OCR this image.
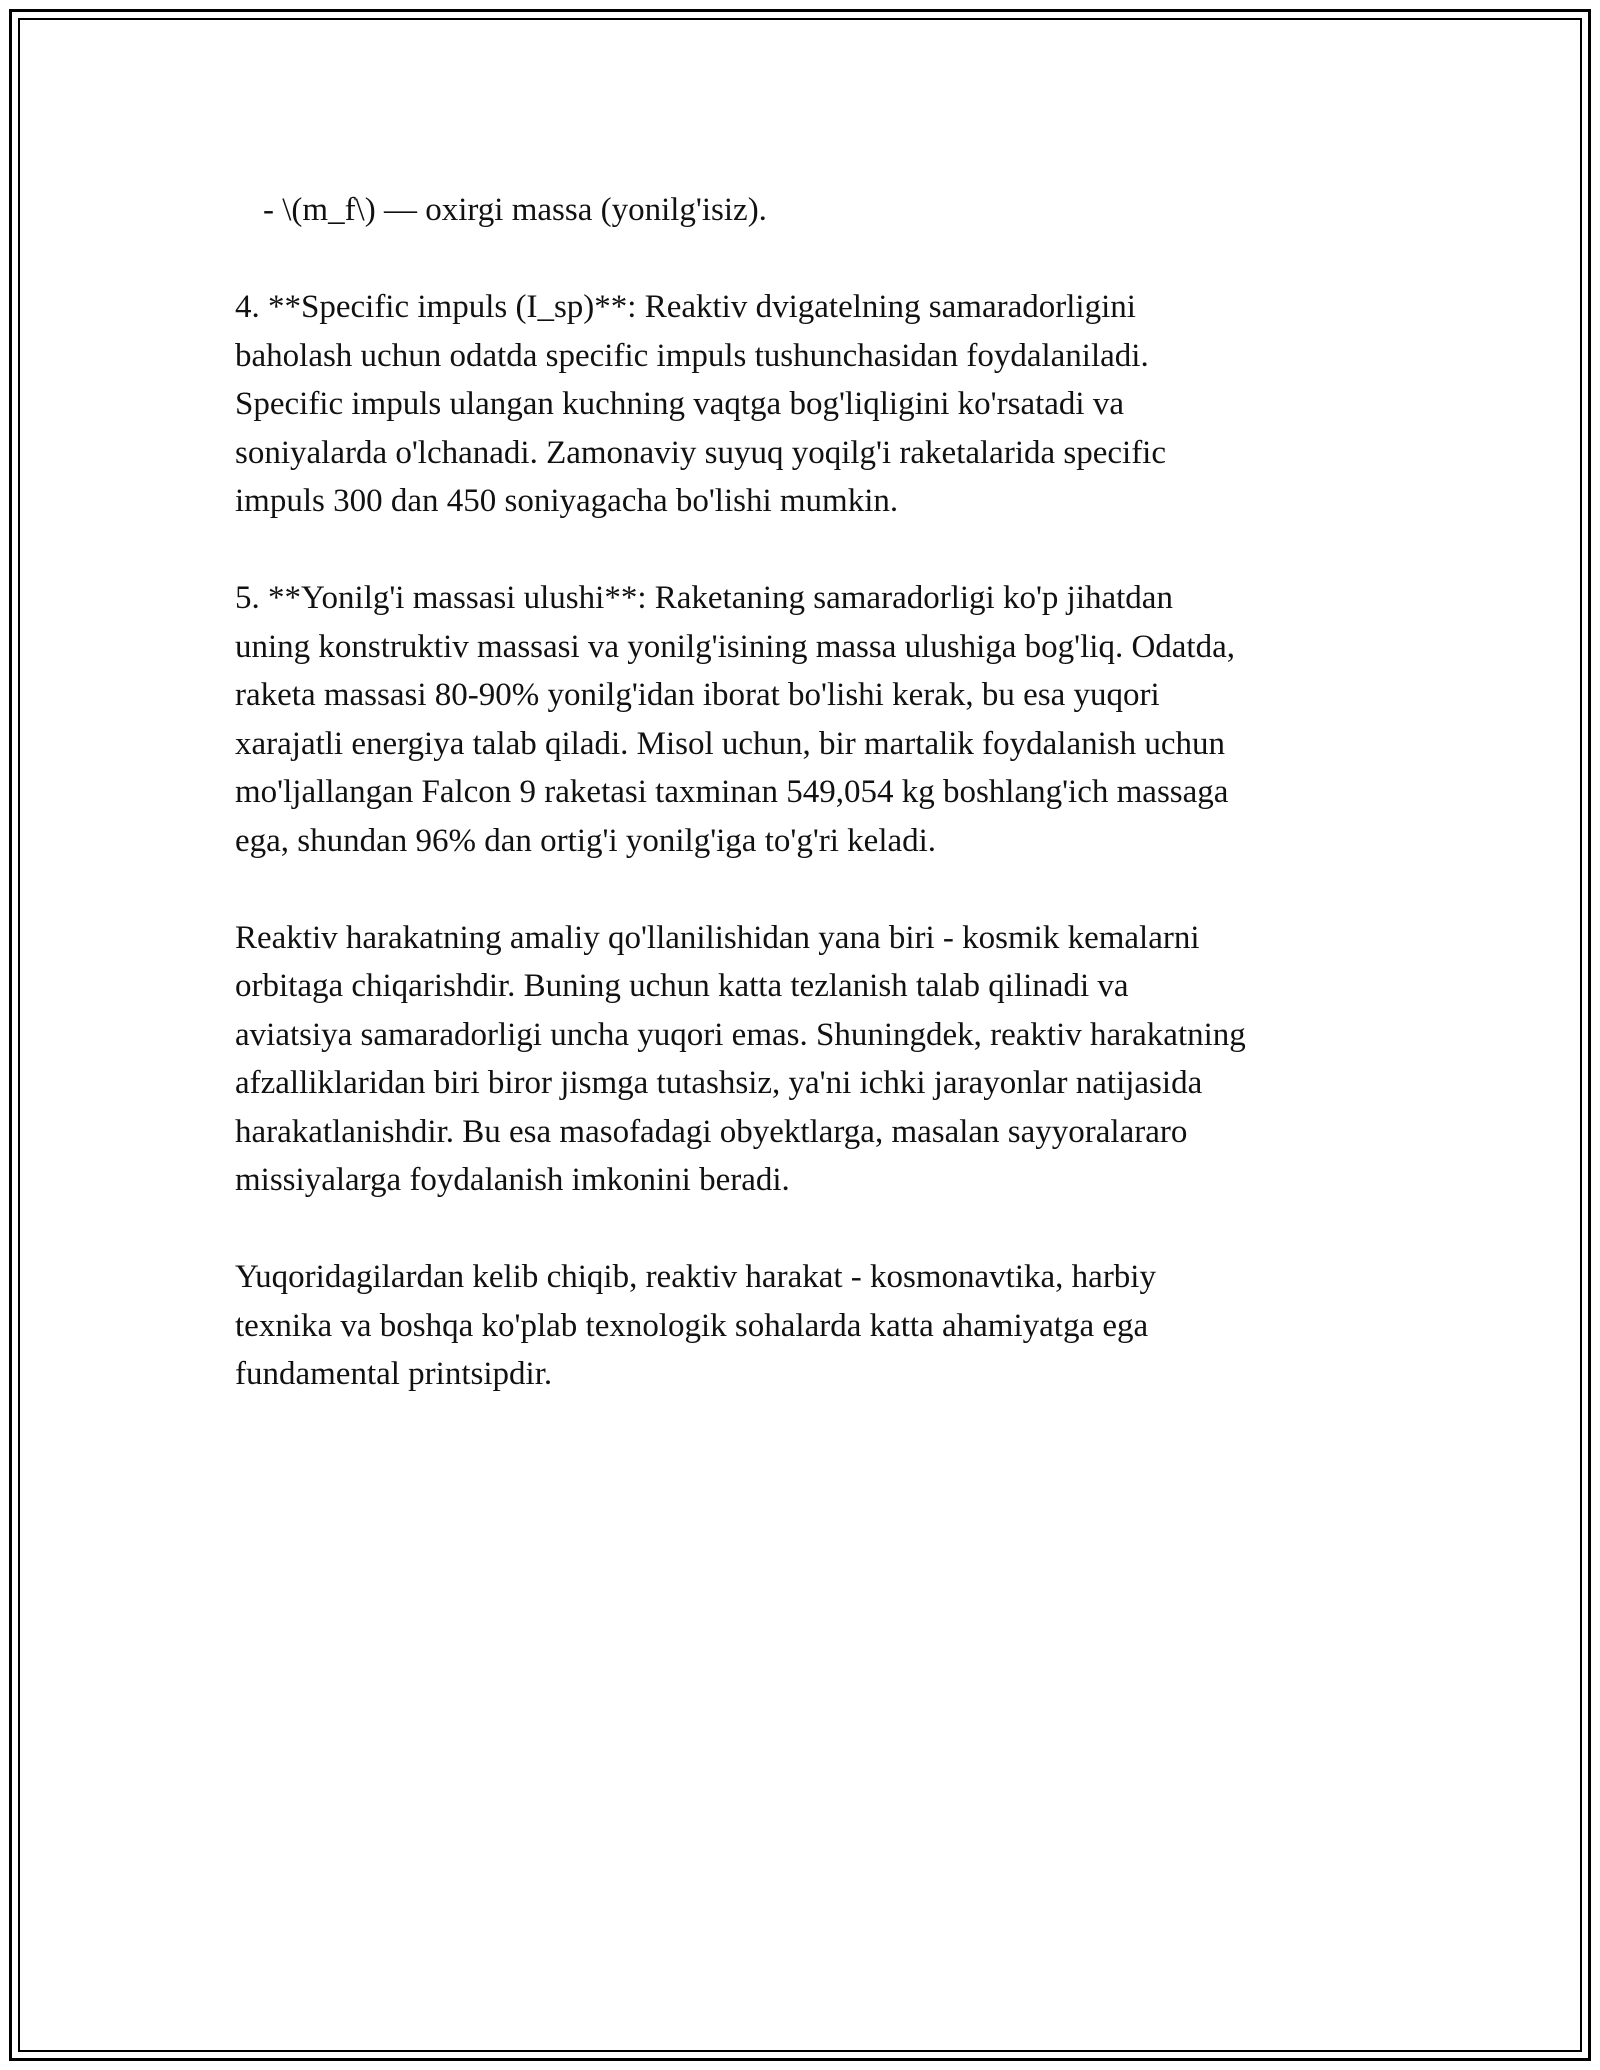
- \(m_f\) — oxirgi massa (yonilg'isiz).
4. **Specific impuls (I_sp)**: Reaktiv dvigatelning samaradorligini
baholash uchun odatda specific impuls tushunchasidan foydalaniladi.
Specific impuls ulangan kuchning vaqtga bog'liqligini ko'rsatadi va
soniyalarda o'lchanadi. Zamonaviy suyuq yoqilg'i raketalarida specific
impuls 300 dan 450 soniyagacha bo'lishi mumkin.
5. **Yonilg'i massasi ulushi**: Raketaning samaradorligi ko'p jihatdan
uning konstruktiv massasi va yonilg'isining massa ulushiga bog'liq. Odatda,
raketa massasi 80-90% yonilg'idan iborat bo'lishi kerak, bu esa yuqori
xarajatli energiya talab qiladi. Misol uchun, bir martalik foydalanish uchun
mo'ljallangan Falcon 9 raketasi taxminan 549,054 kg boshlang'ich massaga
ega, shundan 96% dan ortig'i yonilg'iga to'g'ri keladi.
Reaktiv harakatning amaliy qo'llanilishidan yana biri - kosmik kemalarni
orbitaga chiqarishdir. Buning uchun katta tezlanish talab qilinadi va
aviatsiya samaradorligi uncha yuqori emas. Shuningdek, reaktiv harakatning
afzalliklaridan biri biror jismga tutashsiz, ya'ni ichki jarayonlar natijasida
harakatlanishdir. Bu esa masofadagi obyektlarga, masalan sayyoralararo
missiyalarga foydalanish imkonini beradi.
Yuqoridagilardan kelib chiqib, reaktiv harakat - kosmonavtika, harbiy
texnika va boshqa ko'plab texnologik sohalarda katta ahamiyatga ega
fundamental printsipdir.
